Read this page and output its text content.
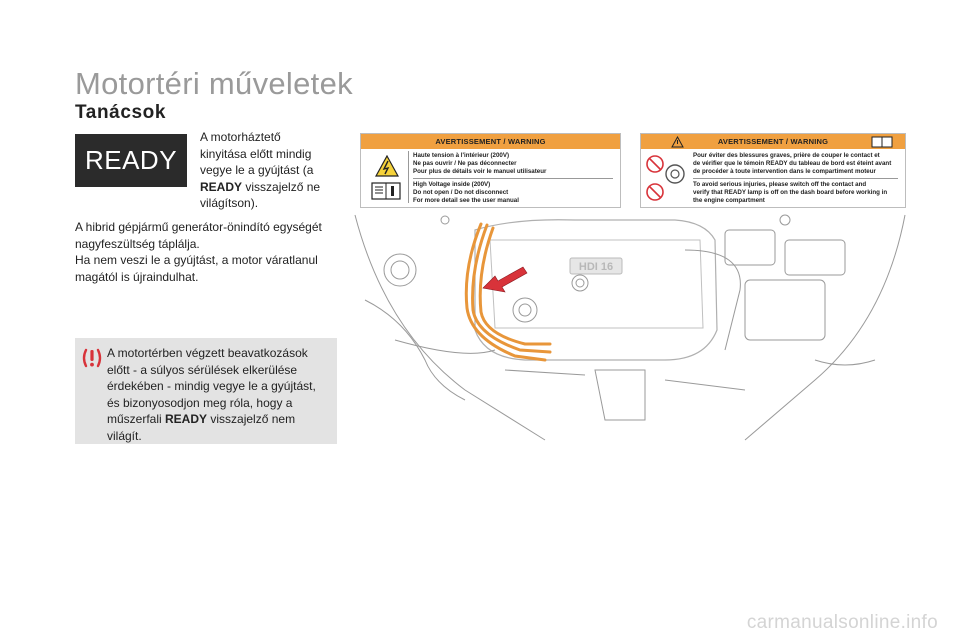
Motortéri műveletek
Tanácsok
READY
A motorháztető
kinyitása előtt mindig
vegye le a gyújtást (a
READY visszajelző ne
világítson).

A hibrid gépjármű generátor-önindító egységét nagyfeszültség táplálja.

Ha nem veszi le a gyújtást, a motor váratlanul magától is újraindulhat.

A motortérben végzett beavatkozások előtt - a súlyos sérülések elkerülése érdekében - mindig vegye le a gyújtást, és bizonyosodjon meg róla, hogy a műszerfali READY visszajelző nem világít.
AVERTISSEMENT / WARNING
Haute tension à l'intérieur (200V)
Ne pas ouvrir / Ne pas déconnecter
Pour plus de détails voir le manuel utilisateur
High Voltage inside (200V)
Do not open / Do not disconnect
For more detail see the user manual
AVERTISSEMENT / WARNING
Pour éviter des blessures graves, prière de couper le contact et
de vérifier que le témoin READY du tableau de bord est éteint avant
de procéder à toute intervention dans le compartiment moteur
To avoid serious injuries, please switch off the contact and
verify that READY lamp is off on the dash board before working in
the engine compartment
HDI 16
carmanualsonline.info
